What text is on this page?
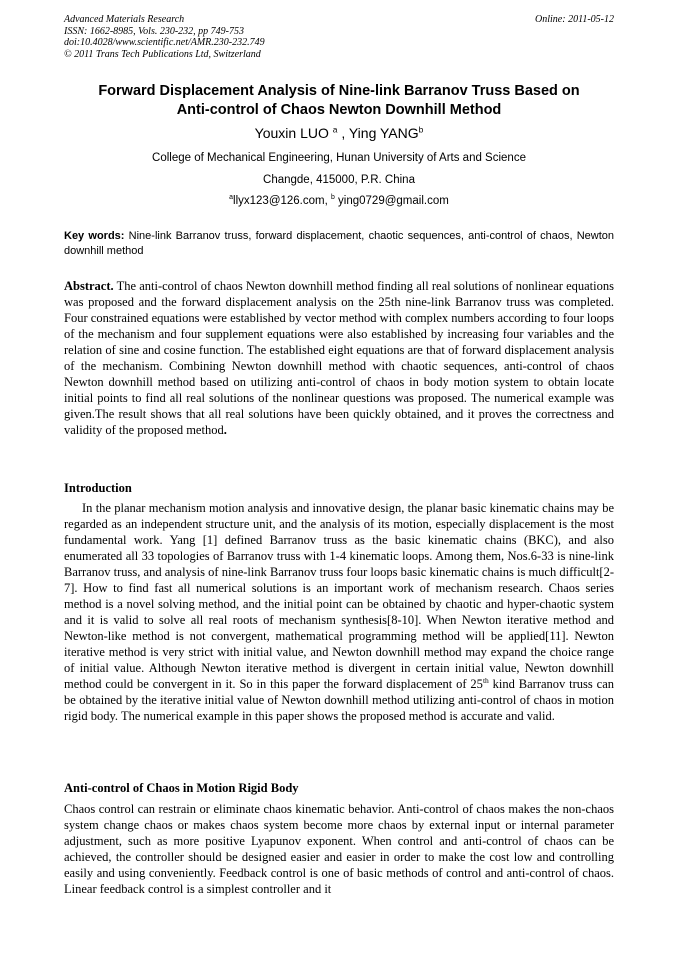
Advanced Materials Research	Online: 2011-05-12
ISSN: 1662-8985, Vols. 230-232, pp 749-753
doi:10.4028/www.scientific.net/AMR.230-232.749
© 2011 Trans Tech Publications Ltd, Switzerland
Forward Displacement Analysis of Nine-link Barranov Truss Based on
Anti-control of Chaos Newton Downhill Method
Youxin LUO $^a$ , Ying YANG$^b$
College of Mechanical Engineering, Hunan University of Arts and Science
Changde, 415000, P.R. China
$^a$llyx123@126.com, $^b$ ying0729@gmail.com
Key words: Nine-link Barranov truss, forward displacement, chaotic sequences, anti-control of chaos, Newton downhill method
Abstract. The anti-control of chaos Newton downhill method finding all real solutions of nonlinear equations was proposed and the forward displacement analysis on the 25th nine-link Barranov truss was completed. Four constrained equations were established by vector method with complex numbers according to four loops of the mechanism and four supplement equations were also established by increasing four variables and the relation of sine and cosine function. The established eight equations are that of forward displacement analysis of the mechanism. Combining Newton downhill method with chaotic sequences, anti-control of chaos Newton downhill method based on utilizing anti-control of chaos in body motion system to obtain locate initial points to find all real solutions of the nonlinear questions was proposed. The numerical example was given.The result shows that all real solutions have been quickly obtained, and it proves the correctness and validity of the proposed method.
Introduction
In the planar mechanism motion analysis and innovative design, the planar basic kinematic chains may be regarded as an independent structure unit, and the analysis of its motion, especially displacement is the most fundamental work. Yang [1] defined Barranov truss as the basic kinematic chains (BKC), and also enumerated all 33 topologies of Barranov truss with 1-4 kinematic loops. Among them, Nos.6-33 is nine-link Barranov truss, and analysis of nine-link Barranov truss four loops basic kinematic chains is much difficult[2-7]. How to find fast all numerical solutions is an important work of mechanism research. Chaos series method is a novel solving method, and the initial point can be obtained by chaotic and hyper-chaotic system and it is valid to solve all real roots of mechanism synthesis[8-10]. When Newton iterative method and Newton-like method is not convergent, mathematical programming method will be applied[11]. Newton iterative method is very strict with initial value, and Newton downhill method may expand the choice range of initial value. Although Newton iterative method is divergent in certain initial value, Newton downhill method could be convergent in it. So in this paper the forward displacement of 25th kind Barranov truss can be obtained by the iterative initial value of Newton downhill method utilizing anti-control of chaos in motion rigid body. The numerical example in this paper shows the proposed method is accurate and valid.
Anti-control of Chaos in Motion Rigid Body
Chaos control can restrain or eliminate chaos kinematic behavior. Anti-control of chaos makes the non-chaos system change chaos or makes chaos system become more chaos by external input or internal parameter adjustment, such as more positive Lyapunov exponent. When control and anti-control of chaos can be achieved, the controller should be designed easier and easier in order to make the cost low and controlling easily and using conveniently. Feedback control is one of basic methods of control and anti-control of chaos. Linear feedback control is a simplest controller and it
